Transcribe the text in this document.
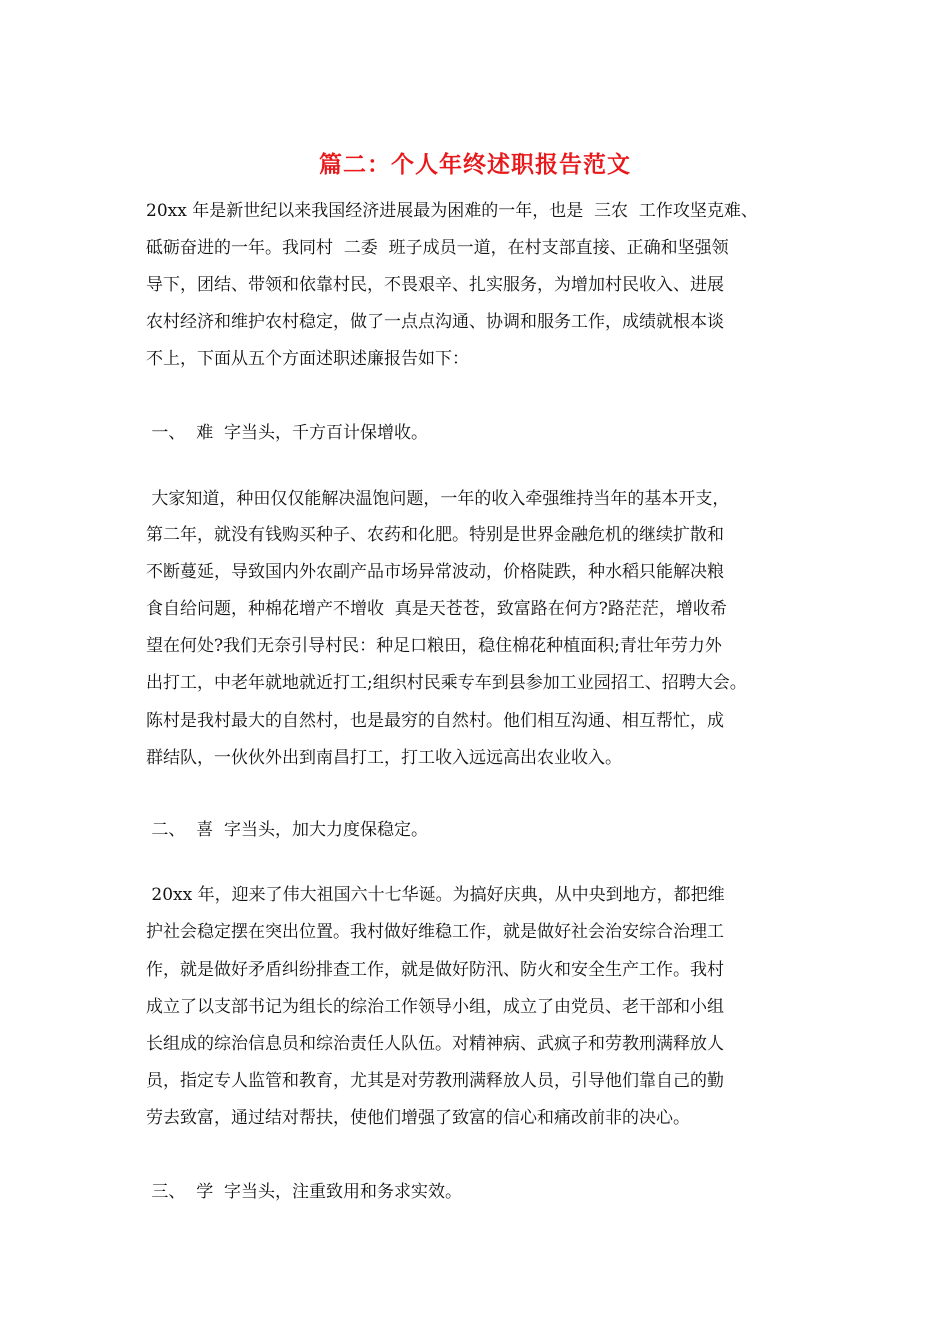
篇二：个人年终述职报告范文
20xx 年是新世纪以来我国经济进展最为困难的一年，也是  三农  工作攻坚克难、
砥砺奋进的一年。我同村  二委  班子成员一道，在村支部直接、正确和坚强领
导下，团结、带领和依靠村民，不畏艰辛、扎实服务，为增加村民收入、进展
农村经济和维护农村稳定，做了一点点沟通、协调和服务工作，成绩就根本谈
不上，下面从五个方面述职述廉报告如下：
一、  难  字当头，千方百计保增收。
大家知道，种田仅仅能解决温饱问题，一年的收入牵强维持当年的基本开支，
第二年，就没有钱购买种子、农药和化肥。特别是世界金融危机的继续扩散和
不断蔓延，导致国内外农副产品市场异常波动，价格陡跌，种水稻只能解决粮
食自给问题，种棉花增产不增收  真是天苍苍，致富路在何方?路茫茫，增收希
望在何处?我们无奈引导村民：种足口粮田，稳住棉花种植面积;青壮年劳力外
出打工，中老年就地就近打工;组织村民乘专车到县参加工业园招工、招聘大会。
陈村是我村最大的自然村，也是最穷的自然村。他们相互沟通、相互帮忙，成
群结队，一伙伙外出到南昌打工，打工收入远远高出农业收入。
二、  喜  字当头，加大力度保稳定。
20xx 年，迎来了伟大祖国六十七华诞。为搞好庆典，从中央到地方，都把维
护社会稳定摆在突出位置。我村做好维稳工作，就是做好社会治安综合治理工
作，就是做好矛盾纠纷排查工作，就是做好防汛、防火和安全生产工作。我村
成立了以支部书记为组长的综治工作领导小组，成立了由党员、老干部和小组
长组成的综治信息员和综治责任人队伍。对精神病、武疯子和劳教刑满释放人
员，指定专人监管和教育，尤其是对劳教刑满释放人员，引导他们靠自己的勤
劳去致富，通过结对帮扶，使他们增强了致富的信心和痛改前非的决心。
三、  学  字当头，注重致用和务求实效。
